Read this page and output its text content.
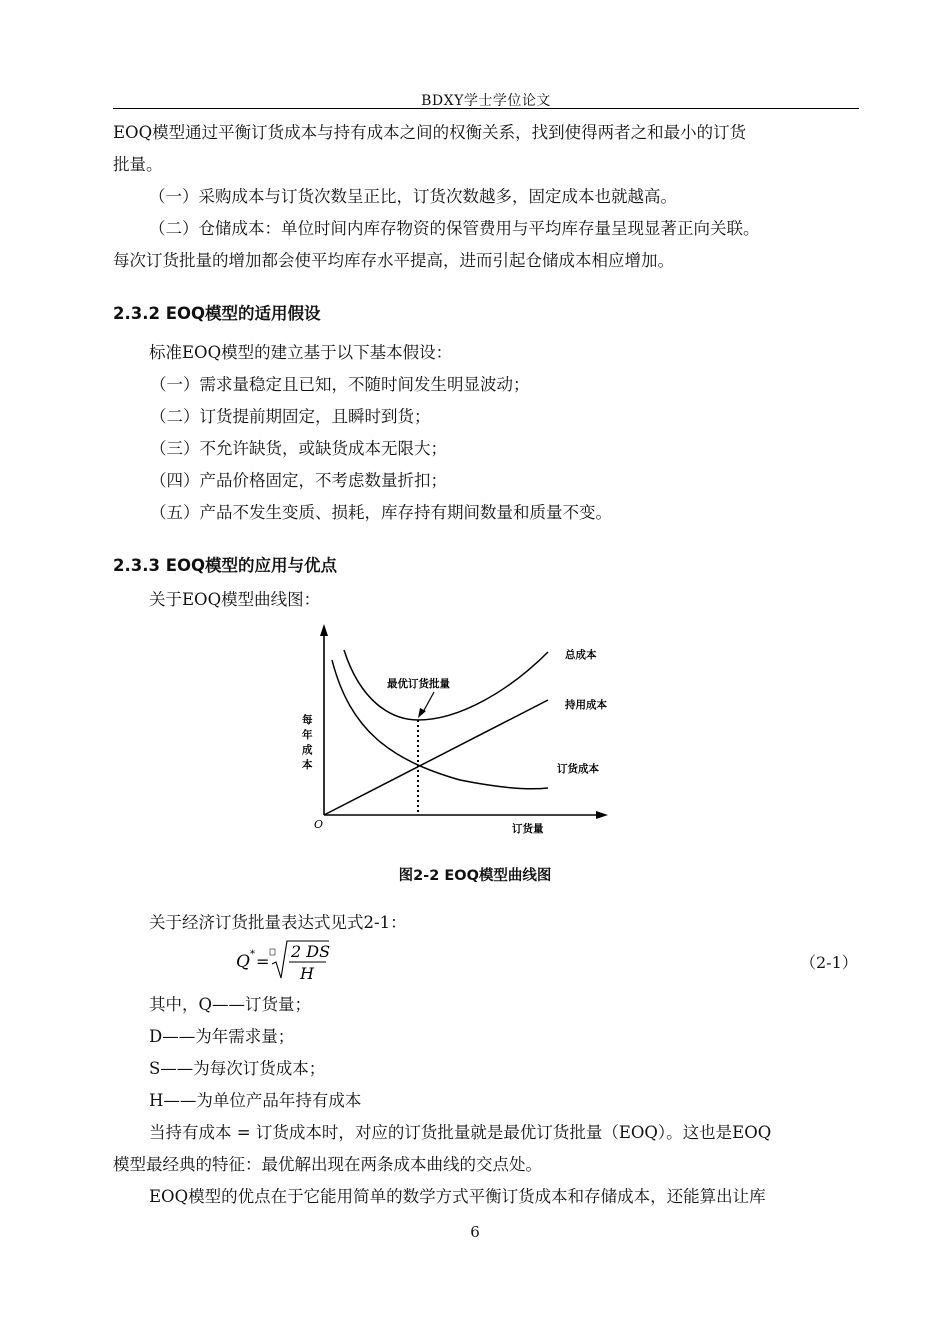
BDXY学士学位论文

EOQ模型通过平衡订货成本与持有成本之间的权衡关系，找到使得两者之和最小的订货

批量。

（一）采购成本与订货次数呈正比，订货次数越多，固定成本也就越高。

（二）仓储成本：单位时间内库存物资的保管费用与平均库存量呈现显著正向关联。

每次订货批量的增加都会使平均库存水平提高，进而引起仓储成本相应增加。

2.3.2 EOQ模型的适用假设

标准EOQ模型的建立基于以下基本假设：

（一）需求量稳定且已知，不随时间发生明显波动；

（二）订货提前期固定，且瞬时到货；

（三）不允许缺货，或缺货成本无限大；

（四）产品价格固定，不考虑数量折扣；

（五）产品不发生变质、损耗，库存持有期间数量和质量不变。

2.3.3 EOQ模型的应用与优点

关于EOQ模型曲线图：

总成本
持用成本
订货成本
最优订货批量
每
年
成
本
O	订货量
图2-2 EOQ模型曲线图

关于经济订货批量表达式见式2-1：

Q * =
2 DS
H
（2-1）

其中，Q——订货量；

D——为年需求量；

S——为每次订货成本；

H——为单位产品年持有成本

当持有成本 = 订货成本时，对应的订货批量就是最优订货批量（EOQ）。这也是EOQ

模型最经典的特征：最优解出现在两条成本曲线的交点处。

EOQ模型的优点在于它能用简单的数学方式平衡订货成本和存储成本，还能算出让库

6
